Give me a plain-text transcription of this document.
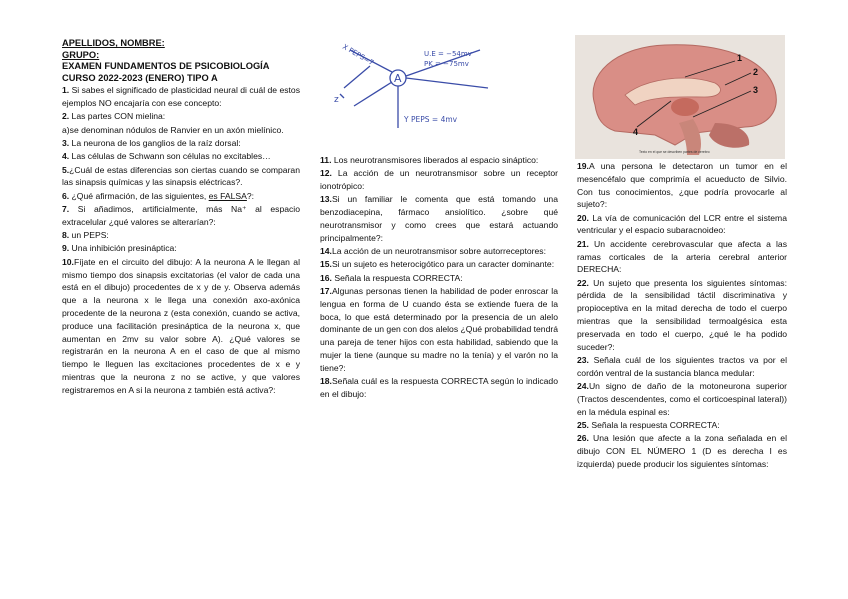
APELLIDOS, NOMBRE:
GRUPO:
EXAMEN FUNDAMENTOS DE PSICOBIOLOGÍA
CURSO 2022-2023 (ENERO) TIPO A

1. Si sabes el significado de plasticidad neural di cuál de estos ejemplos NO encajaría con ese concepto:

2. Las partes CON mielina:

a)se denominan nódulos de Ranvier en un axón mielínico.

3. La neurona de los ganglios de la raíz dorsal:

4. Las células de Schwann son células no excitables…

5.¿Cuál de estas diferencias son ciertas cuando se comparan las sinapsis químicas y las sinapsis eléctricas?.

6. ¿Qué afirmación, de las siguientes, es FALSA?:

7. Si añadimos, artificialmente, más Na⁺ al espacio extracelular ¿qué valores se alterarían?:

8. un PEPS:

9. Una inhibición presináptica:

10.Fíjate en el circuito del dibujo: A la neurona A le llegan al mismo tiempo dos sinapsis excitatorias (el valor de cada una está en el dibujo) procedentes de x y de y. Observa además que a la neurona x le llega una conexión axo-axónica procedente de la neurona z (esta conexión, cuando se activa, produce una facilitación presináptica de la neurona x, que aumentan en 2mv su valor sobre A). ¿Qué valores se registrarán en la neurona A en el caso de que al mismo tiempo le lleguen las excitaciones procedentes de x e y mientras que la neurona z no se active, y que valores registraremos en A si la neurona z también está activa?:

A
X PEPS=7	U.E = −54mv
PK = −75mv
Y PEPS = 4mv
z
1
2
3
4
Texto en el que se describen partes de cerebro

11. Los neurotransmisores liberados al espacio sináptico:

12. La acción de un neurotransmisor sobre un receptor ionotrópico:

13.Si un familiar le comenta que está tomando una benzodiacepina, fármaco ansiolítico. ¿sobre qué neurotransmisor y como crees que estará actuando principalmente?:

14.La acción de un neurotransmisor sobre autorreceptores:

15.Si un sujeto es heterocigótico para un caracter dominante:

16. Señala la respuesta CORRECTA:

17.Algunas personas tienen la habilidad de poder enroscar la lengua en forma de U cuando ésta se extiende fuera de la boca, lo que está determinado por la presencia de un alelo dominante de un gen con dos alelos ¿Qué probabilidad tendrá una pareja de tener hijos con esta habilidad, sabiendo que la mujer la tiene (aunque su madre no la tenía) y el varón no la tiene?:

18.Señala cuál es la respuesta CORRECTA según lo indicado en el dibujo:

19.A una persona le detectaron un tumor en el mesencéfalo que comprimía el acueducto de Silvio. Con tus conocimientos, ¿que podría provocarle al sujeto?:

20. La vía de comunicación del LCR entre el sistema ventricular y el espacio subaracnoideo:

21. Un accidente cerebrovascular que afecta a las ramas corticales de la arteria cerebral anterior DERECHA:

22. Un sujeto que presenta los siguientes síntomas: pérdida de la sensibilidad táctil discriminativa y propioceptiva en la mitad derecha de todo el cuerpo mientras que la sensibilidad termoalgésica esta preservada en todo el cuerpo, ¿qué le ha podido suceder?:

23. Señala cuál de los siguientes tractos va por el cordón ventral de la sustancia blanca medular:

24.Un signo de daño de la motoneurona superior (Tractos descendentes, como el corticoespinal lateral)) en la médula espinal es:

25. Señala la respuesta CORRECTA:

26. Una lesión que afecte a la zona señalada en el dibujo CON EL NÚMERO 1 (D es derecha I es izquierda) puede producir los siguientes síntomas:
